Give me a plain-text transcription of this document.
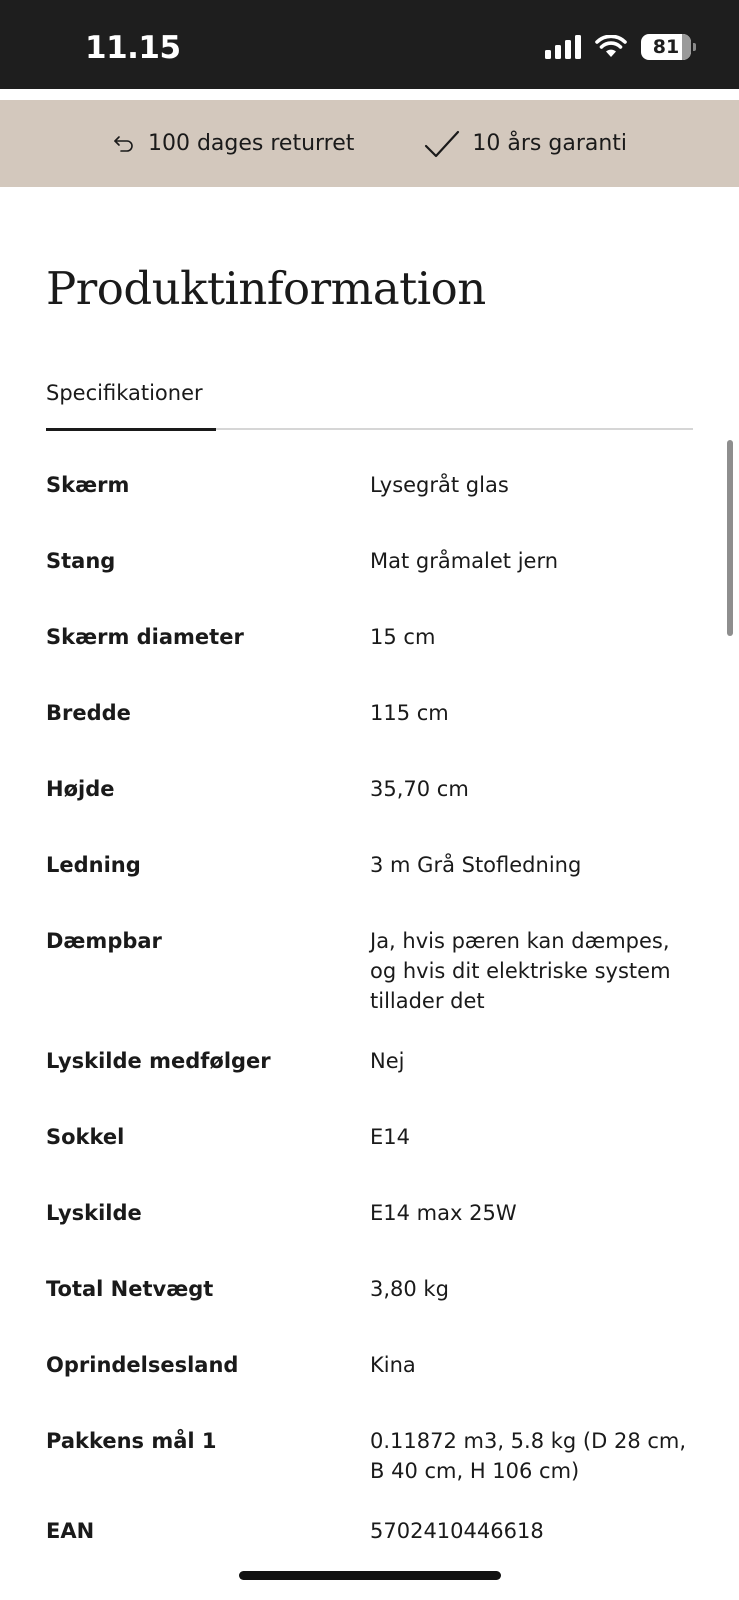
11.15	81
100 dages returret	10 års garanti
Produktinformation
Specifikationer
Skærm	Lysegråt glas
Stang	Mat gråmalet jern
Skærm diameter	15 cm
Bredde	115 cm
Højde	35,70 cm
Ledning	3 m Grå Stofledning
Dæmpbar	Ja, hvis pæren kan dæmpes, og hvis dit elektriske system tillader det
Lyskilde medfølger	Nej
Sokkel	E14
Lyskilde	E14 max 25W
Total Netvægt	3,80 kg
Oprindelsesland	Kina
Pakkens mål 1	0.11872 m3, 5.8 kg (D 28 cm, B 40 cm, H 106 cm)
EAN	5702410446618
